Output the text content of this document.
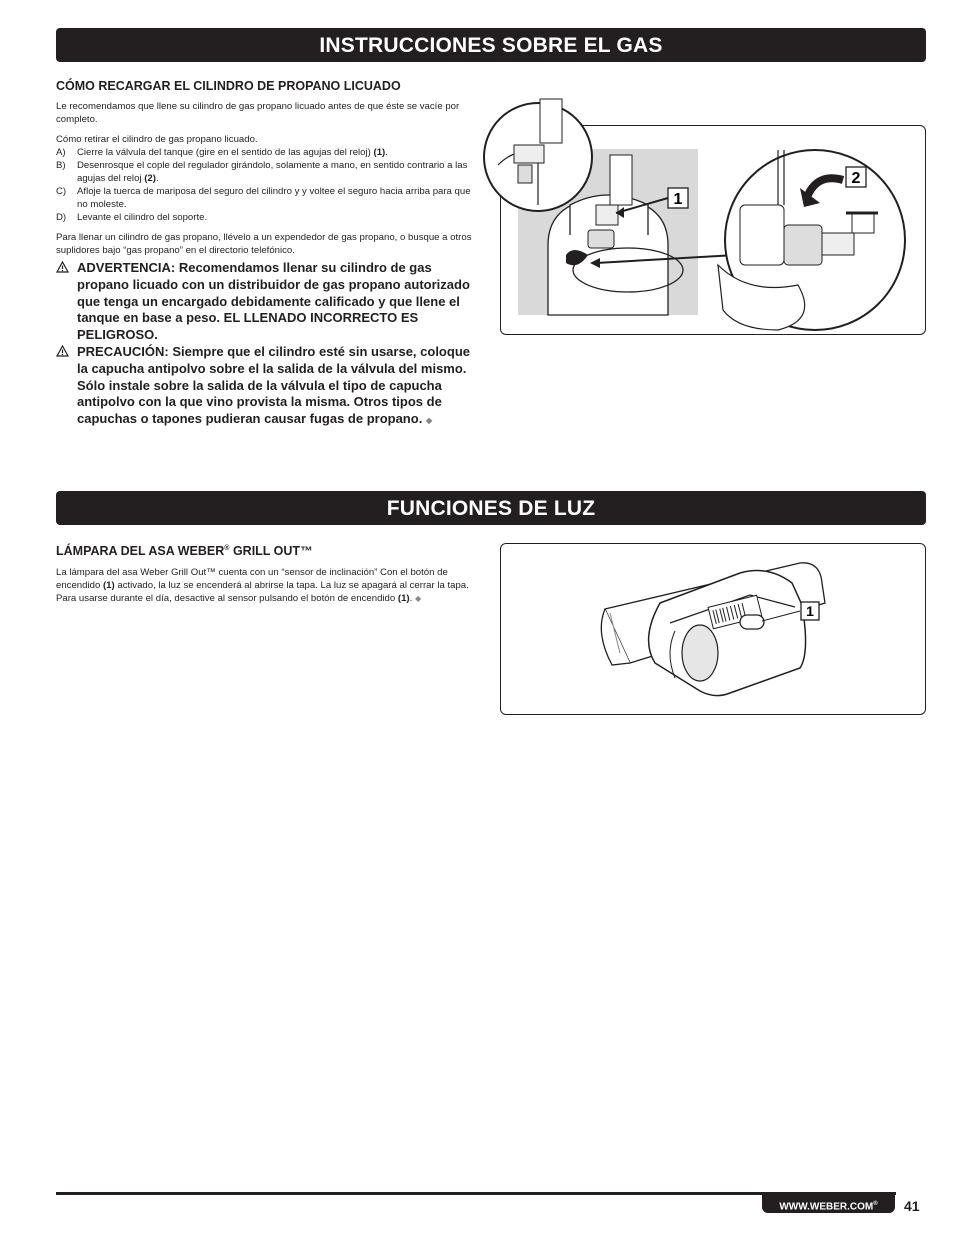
INSTRUCCIONES SOBRE EL GAS
CÓMO RECARGAR EL CILINDRO DE PROPANO LICUADO

Le recomendamos que llene su cilindro de gas propano licuado antes de que éste se vacíe por completo.

Cómo retirar el cilindro de gas propano licuado.
A)	Cierre la válvula del tanque (gire en el sentido de las agujas del reloj) (1).
B)	Desenrosque el cople del regulador girándolo, solamente a mano, en sentido contrario a las agujas del reloj (2).
C)	Afloje la tuerca de mariposa del seguro del cilindro y y voltee el seguro hacia arriba para que no moleste.
D)	Levante el cilindro del soporte.

Para llenar un cilindro de gas propano, llévelo a un expendedor de gas propano, o busque a otros suplidores bajo “gas propano” en el directorio telefónico.

ADVERTENCIA: Recomendamos llenar su cilindro de gas propano licuado con un distribuidor de gas propano autorizado que tenga un encargado debidamente calificado y que llene el tanque en base a peso. EL LLENADO INCORRECTO ES PELIGROSO.
PRECAUCIÓN: Siempre que el cilindro esté sin usarse, coloque la capucha antipolvo sobre el la salida de la válvula del mismo. Sólo instale sobre la salida de la válvula el tipo de capucha antipolvo con la que vino provista la misma. Otros tipos de capuchas o tapones pudieran causar fugas de propano. ◆
1
2
FUNCIONES DE LUZ
LÁMPARA DEL ASA WEBER® GRILL OUT™
La lámpara del asa Weber Grill Out™ cuenta con un “sensor de inclinación” Con el botón de encendido (1) activado, la luz se encenderá al abrirse la tapa. La luz se apagará al cerrar la tapa. Para usarse durante el día, desactive al sensor pulsando el botón de encendido (1). ◆
1
WWW.WEBER.COM®	41
